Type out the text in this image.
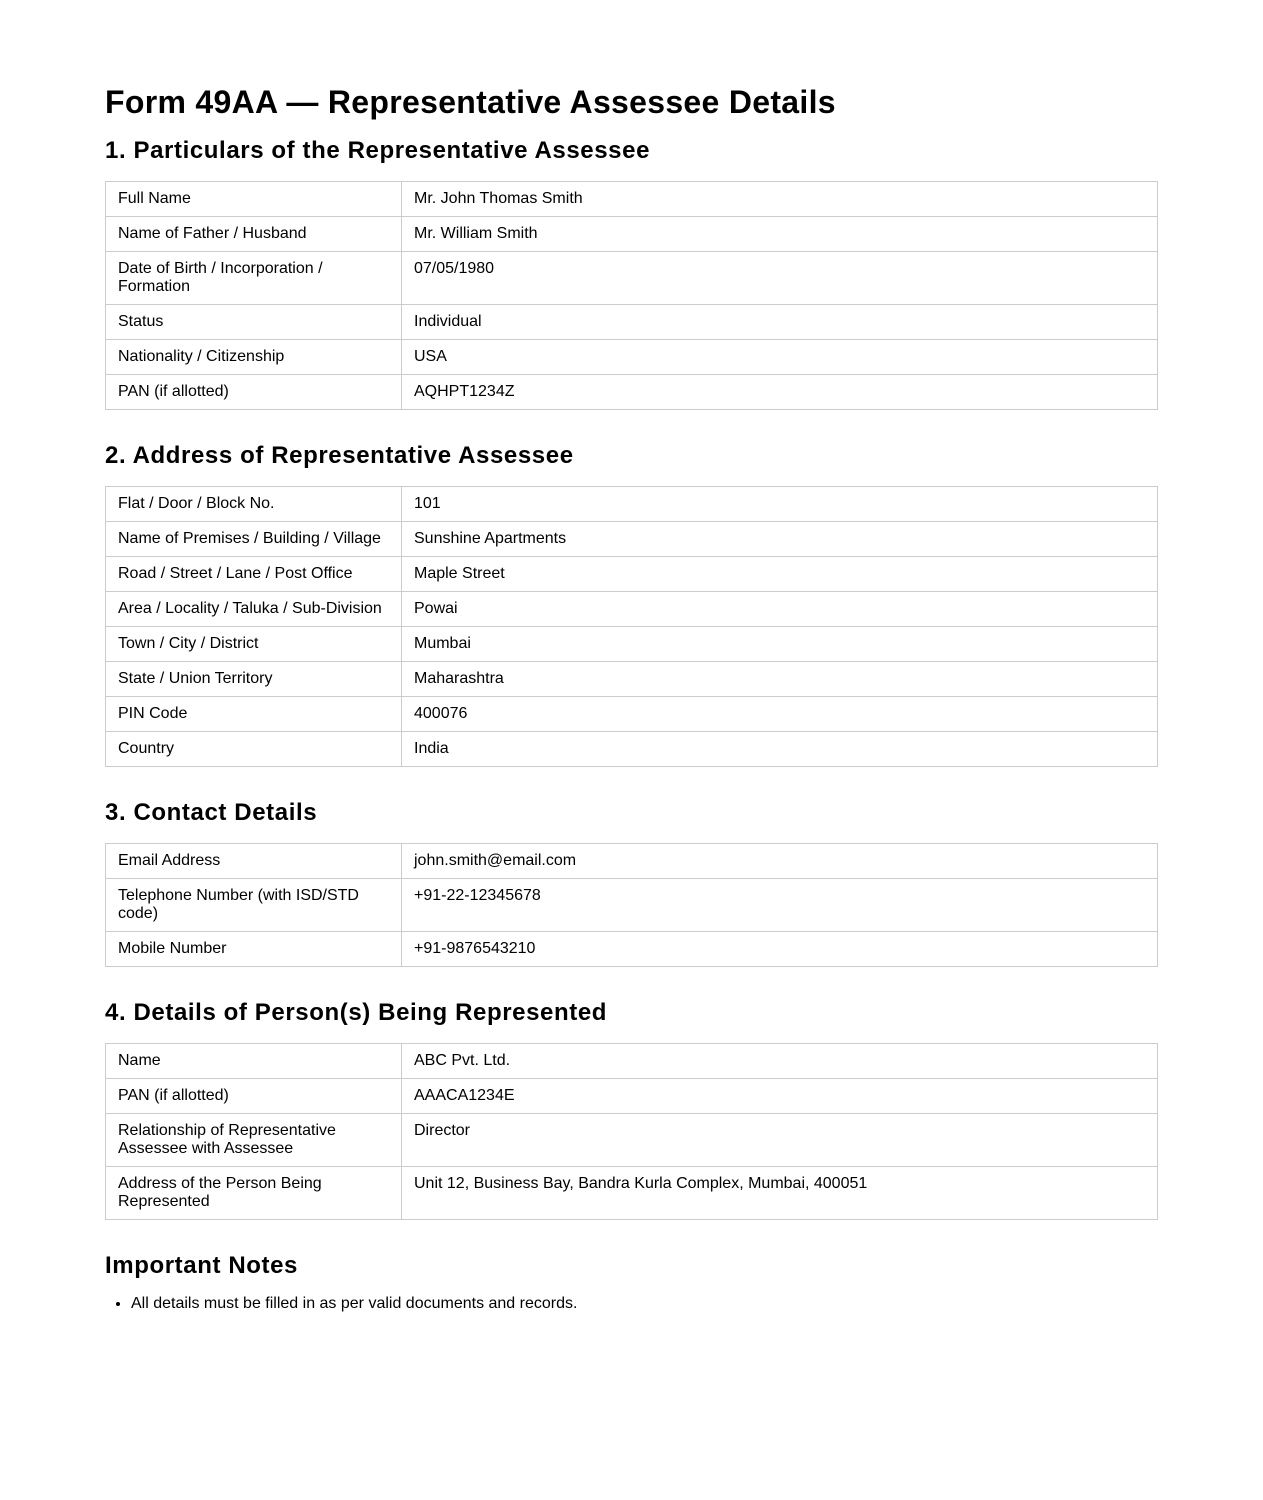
Form 49AA — Representative Assessee Details
1. Particulars of the Representative Assessee
Full Name	Mr. John Thomas Smith
Name of Father / Husband	Mr. William Smith
Date of Birth / Incorporation / Formation	07/05/1980
Status	Individual
Nationality / Citizenship	USA
PAN (if allotted)	AQHPT1234Z
2. Address of Representative Assessee
Flat / Door / Block No.	101
Name of Premises / Building / Village	Sunshine Apartments
Road / Street / Lane / Post Office	Maple Street
Area / Locality / Taluka / Sub-Division	Powai
Town / City / District	Mumbai
State / Union Territory	Maharashtra
PIN Code	400076
Country	India
3. Contact Details
Email Address	john.smith@email.com
Telephone Number (with ISD/STD code)	+91-22-12345678
Mobile Number	+91-9876543210
4. Details of Person(s) Being Represented
Name	ABC Pvt. Ltd.
PAN (if allotted)	AAACA1234E
Relationship of Representative Assessee with Assessee	Director
Address of the Person Being Represented	Unit 12, Business Bay, Bandra Kurla Complex, Mumbai, 400051
Important Notes
• All details must be filled in as per valid documents and records.
